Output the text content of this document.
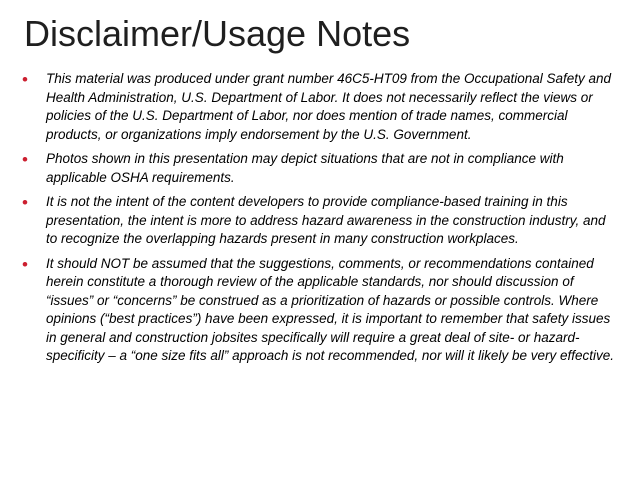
Disclaimer/Usage Notes
•	This material was produced under grant number 46C5-HT09 from the Occupational Safety and Health Administration, U.S. Department of Labor. It does not necessarily reflect the views or policies of the U.S. Department of Labor, nor does mention of trade names, commercial products, or organizations imply endorsement by the U.S. Government.
•	Photos shown in this presentation may depict situations that are not in compliance with applicable OSHA requirements.
•	It is not the intent of the content developers to provide compliance-based training in this presentation, the intent is more to address hazard awareness in the construction industry, and to recognize the overlapping hazards present in many construction workplaces.
•	It should NOT be assumed that the suggestions, comments, or recommendations contained herein constitute a thorough review of the applicable standards, nor should discussion of “issues” or “concerns” be construed as a prioritization of hazards or possible controls. Where opinions (“best practices”) have been expressed, it is important to remember that safety issues in general and construction jobsites specifically will require a great deal of site- or hazard-specificity – a “one size fits all” approach is not recommended, nor will it likely be very effective.
